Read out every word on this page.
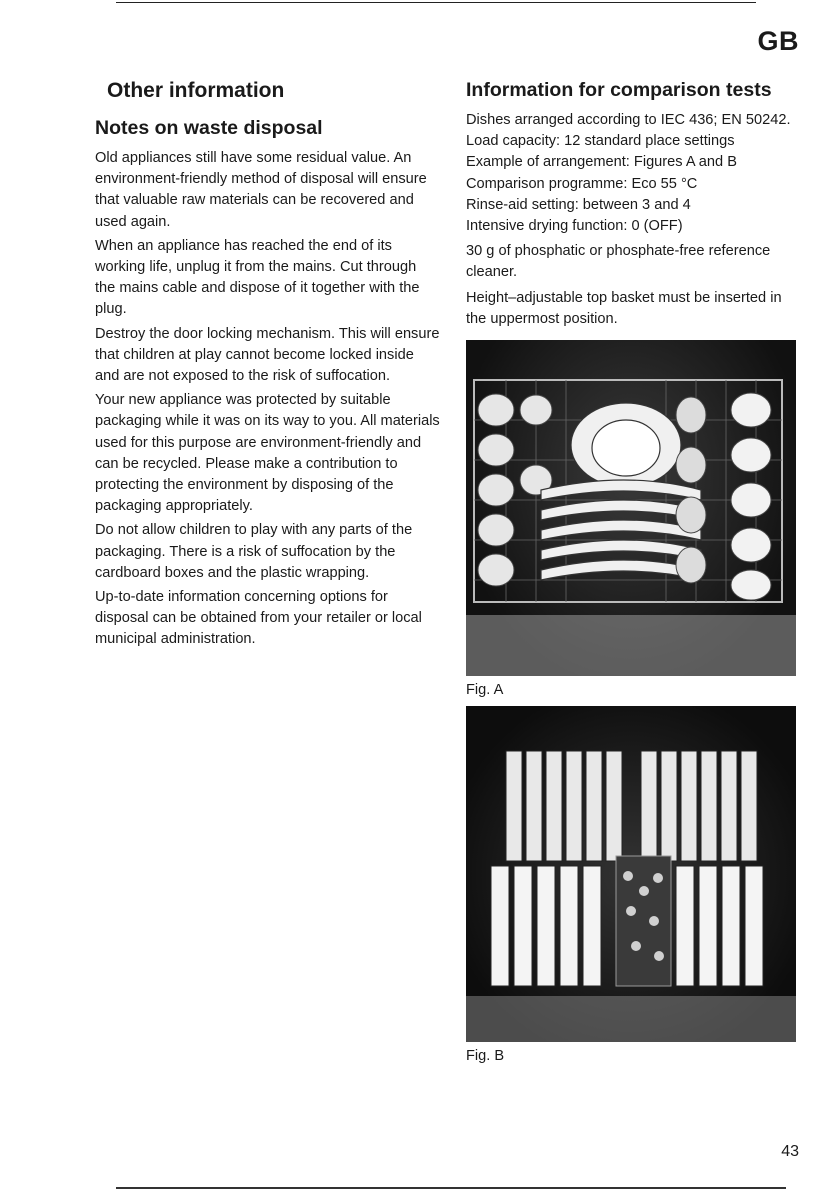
GB
Other information
Notes on waste disposal

Old appliances still have some residual value. An environment-friendly method of disposal will ensure that valuable raw materials can be recovered and used again.

When an appliance has reached the end of its working life, unplug it from the mains. Cut through the mains cable and dispose of it together with the plug.

Destroy the door locking mechanism. This will ensure that children at play cannot become locked inside and are not exposed to the risk of suffocation.

Your new appliance was protected by suitable packaging while it was on its way to you. All materials used for this purpose are environment-friendly and can be recycled. Please make a contribution to protecting the environment by disposing of the packaging appropriately.

Do not allow children to play with any parts of the packaging. There is a risk of suffocation by the cardboard boxes and the plastic wrapping.

Up-to-date information concerning options for disposal can be obtained from your retailer or local municipal administration.

Information for comparison tests

Dishes arranged according to IEC 436; EN 50242.

Load capacity: 12 standard place settings

Example of arrangement: Figures A and B

Comparison programme: Eco 55 °C

Rinse-aid setting: between 3 and 4

Intensive drying function: 0 (OFF)

30 g of phosphatic or phosphate-free reference cleaner.

Height–adjustable top basket must be inserted in the uppermost position.

Fig. A
Fig. B
43
